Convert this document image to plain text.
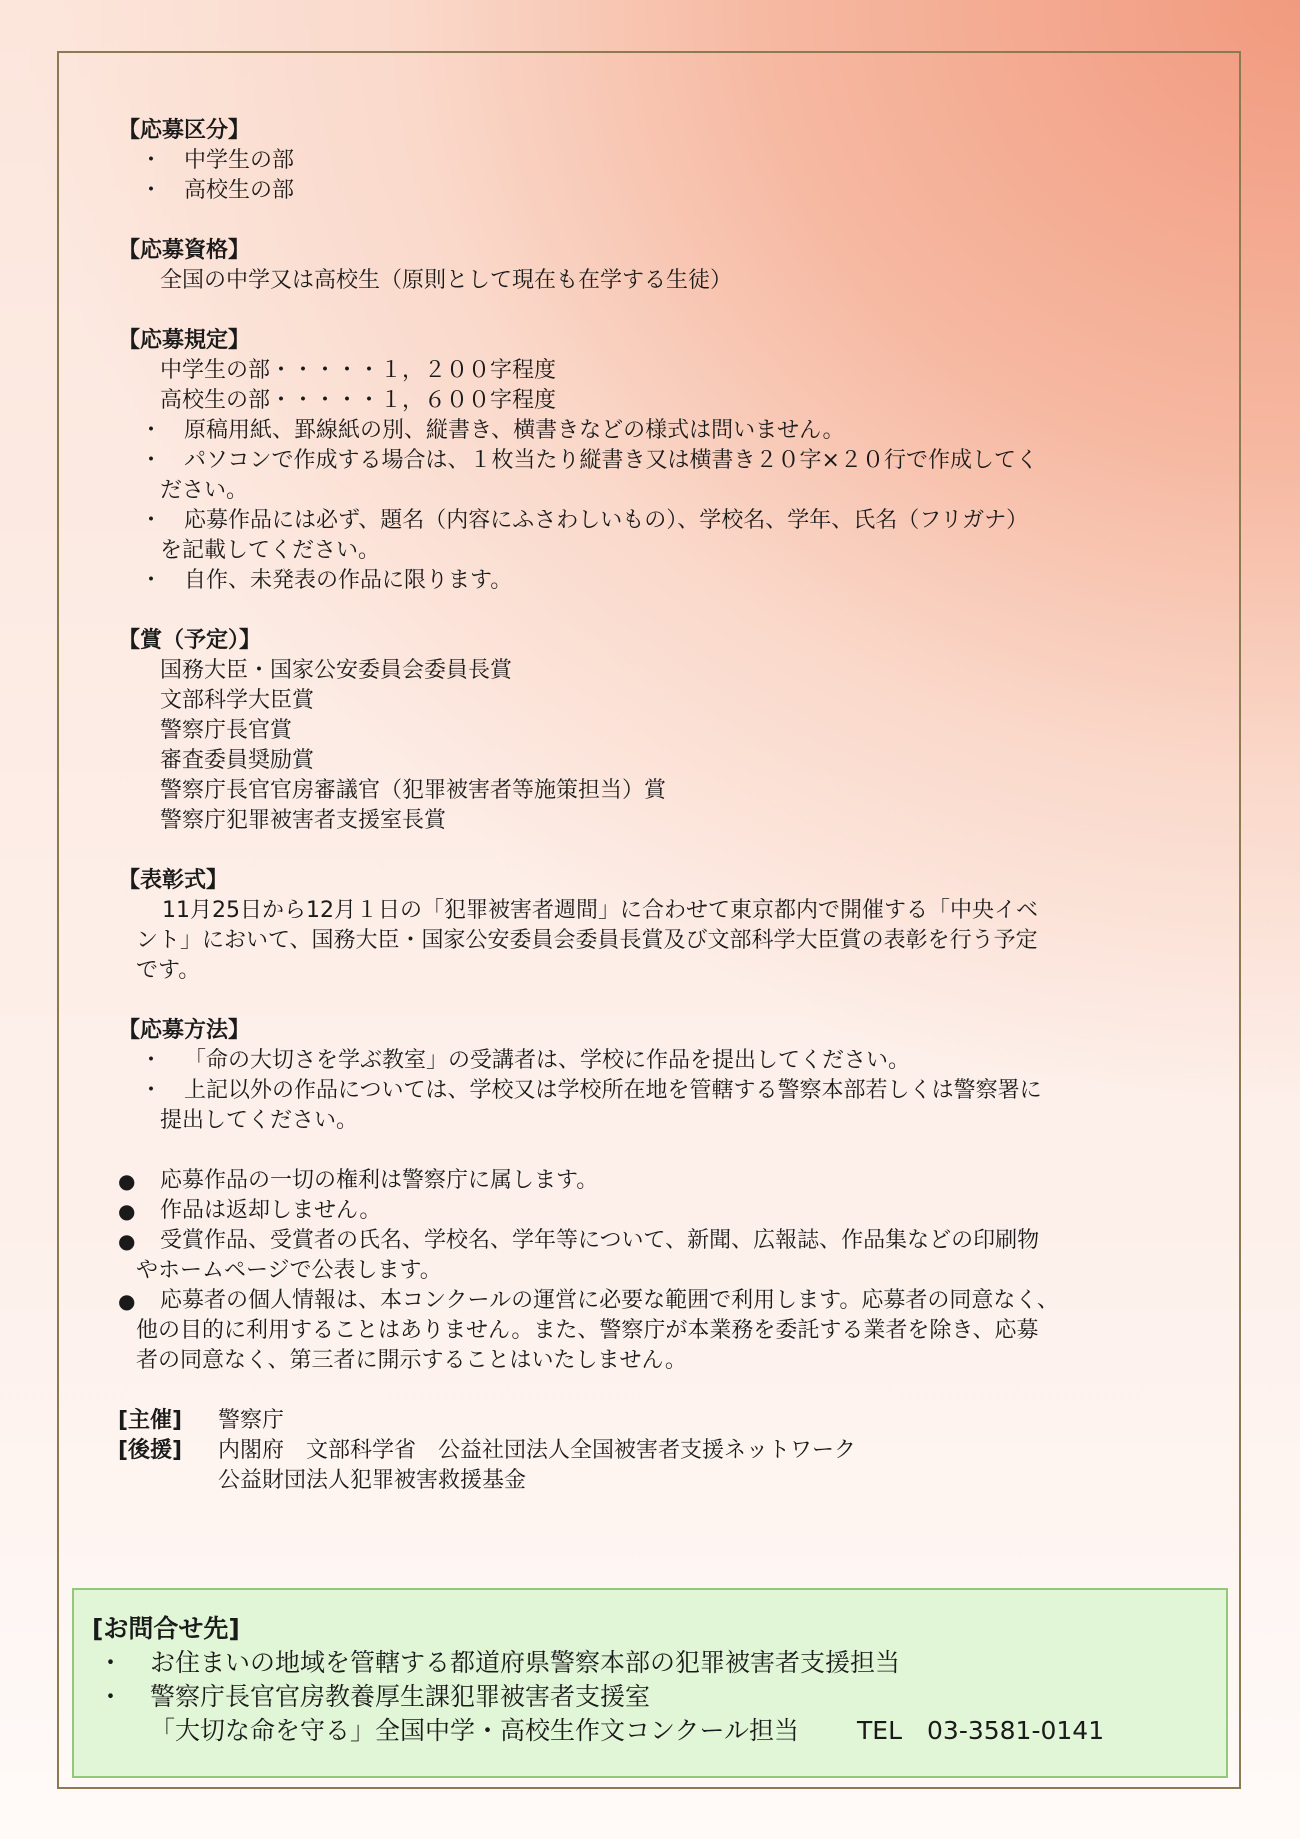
【応募区分】
・ 中学生の部
・ 高校生の部
【応募資格】
全国の中学又は高校生（原則として現在も在学する生徒）
【応募規定】
中学生の部・・・・・１，２００字程度
高校生の部・・・・・１，６００字程度
・ 原稿用紙、罫線紙の別、縦書き、横書きなどの様式は問いません。
・ パソコンで作成する場合は、１枚当たり縦書き又は横書き２０字×２０行で作成してく
ださい。
・ 応募作品には必ず、題名（内容にふさわしいもの）、学校名、学年、氏名（フリガナ）
を記載してください。
・ 自作、未発表の作品に限ります。
【賞（予定）】
国務大臣・国家公安委員会委員長賞
文部科学大臣賞
警察庁長官賞
審査委員奨励賞
警察庁長官官房審議官（犯罪被害者等施策担当）賞
警察庁犯罪被害者支援室長賞
【表彰式】
11月25日から12月１日の「犯罪被害者週間」に合わせて東京都内で開催する「中央イベ
ント」において、国務大臣・国家公安委員会委員長賞及び文部科学大臣賞の表彰を行う予定
です。
【応募方法】
・ 「命の大切さを学ぶ教室」の受講者は、学校に作品を提出してください。
・ 上記以外の作品については、学校又は学校所在地を管轄する警察本部若しくは警察署に
提出してください。
●	応募作品の一切の権利は警察庁に属します。
●	作品は返却しません。
●	受賞作品、受賞者の氏名、学校名、学年等について、新聞、広報誌、作品集などの印刷物
やホームページで公表します。
●	応募者の個人情報は、本コンクールの運営に必要な範囲で利用します。応募者の同意なく、
他の目的に利用することはありません。また、警察庁が本業務を委託する業者を除き、応募
者の同意なく、第三者に開示することはいたしません。
[主催]	警察庁
[後援]	内閣府　文部科学省　公益社団法人全国被害者支援ネットワーク
公益財団法人犯罪被害救援基金
[お問合せ先]
・	お住まいの地域を管轄する都道府県警察本部の犯罪被害者支援担当
・	警察庁長官官房教養厚生課犯罪被害者支援室
「大切な命を守る」全国中学・高校生作文コンクール担当 TEL　03-3581-0141
